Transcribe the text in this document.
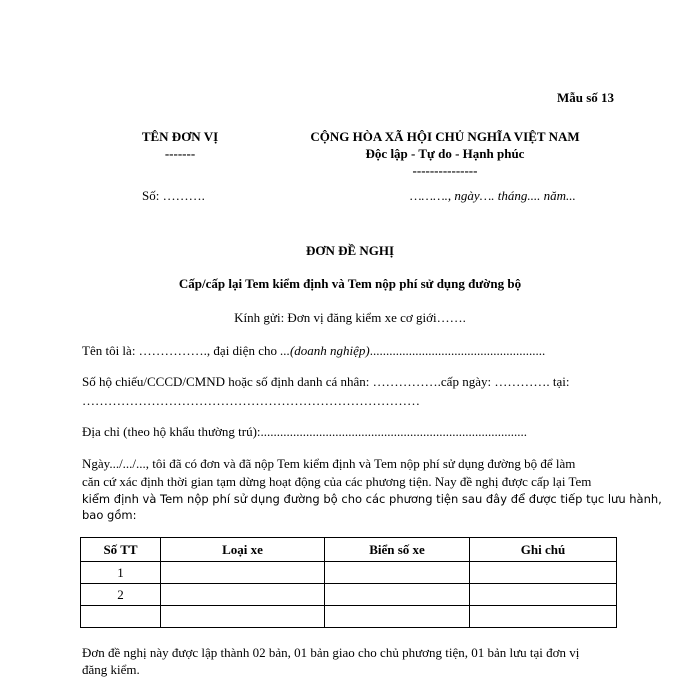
Mẫu số 13
TÊN ĐƠN VỊ
-------
CỘNG HÒA XÃ HỘI CHỦ NGHĨA VIỆT NAM
Độc lập - Tự do - Hạnh phúc
---------------
Số: ……….	………., ngày…. tháng.... năm...
ĐƠN ĐỀ NGHỊ
Cấp/cấp lại Tem kiểm định và Tem nộp phí sử dụng đường bộ
Kính gửi: Đơn vị đăng kiểm xe cơ giới…….
Tên tôi là: ……………., đại diện cho ...(doanh nghiệp)......................................................
Số hộ chiếu/CCCD/CMND hoặc số định danh cá nhân: …………….cấp ngày: …………. tại:
……………………………………………………………………
Địa chỉ (theo hộ khẩu thường trú):..................................................................................
Ngày.../.../..., tôi đã có đơn và đã nộp Tem kiểm định và Tem nộp phí sử dụng đường bộ để làm
căn cứ xác định thời gian tạm dừng hoạt động của các phương tiện. Nay đề nghị được cấp lại Tem
kiểm định và Tem nộp phí sử dụng đường bộ cho các phương tiện sau đây để được tiếp tục lưu hành,
bao gồm:
Số TT	Loại xe	Biển số xe	Ghi chú
1			
2			

Đơn đề nghị này được lập thành 02 bản, 01 bản giao cho chủ phương tiện, 01 bản lưu tại đơn vị
đăng kiểm.
